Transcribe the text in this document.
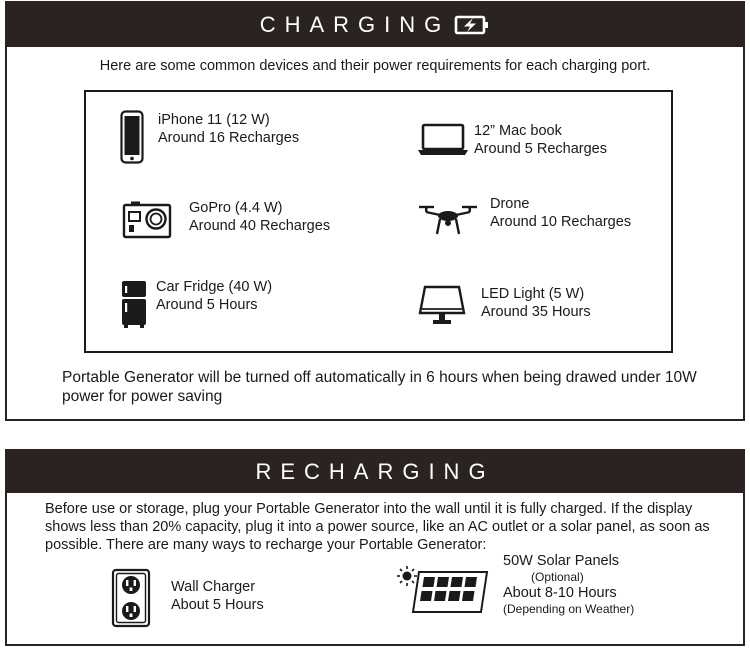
CHARGING
Here are some common devices and their power requirements for each charging port.
iPhone 11 (12 W)
Around 16 Recharges	12” Mac book
Around 5 Recharges
GoPro (4.4 W)
Around 40 Recharges
Drone
Around 10 Recharges
Car Fridge (40 W)
Around 5 Hours
LED Light (5 W)
Around 35 Hours
Portable Generator will be turned off automatically in 6 hours when being drawed under 10W power for power saving
RECHARGING
Before use or storage, plug your Portable Generator into the wall until it is fully charged. If the display shows less than 20% capacity, plug it into a power source, like an AC outlet or a solar panel, as soon as possible. There are many ways to recharge your Portable Generator:
Wall Charger
About 5 Hours
50W Solar Panels
(Optional)
About 8-10 Hours
(Depending on Weather)
